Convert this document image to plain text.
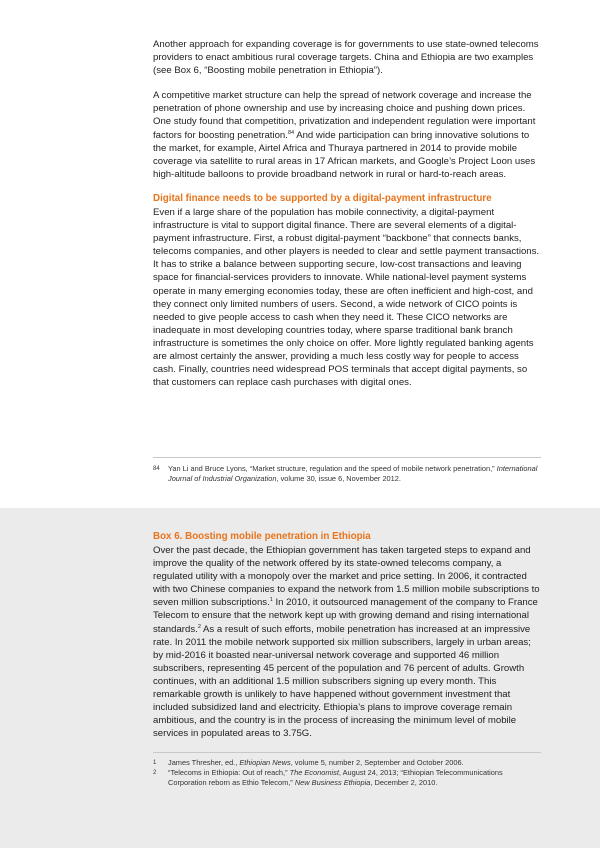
Another approach for expanding coverage is for governments to use state-owned telecoms providers to enact ambitious rural coverage targets. China and Ethiopia are two examples (see Box 6, “Boosting mobile penetration in Ethiopia”).

A competitive market structure can help the spread of network coverage and increase the penetration of phone ownership and use by increasing choice and pushing down prices. One study found that competition, privatization and independent regulation were important factors for boosting penetration.$^{84}$ And wide participation can bring innovative solutions to the market, for example, Airtel Africa and Thuraya partnered in 2014 to provide mobile coverage via satellite to rural areas in 17 African markets, and Google’s Project Loon uses high-altitude balloons to provide broadband network in rural or hard-to-reach areas.

Digital finance needs to be supported by a digital-payment infrastructure

Even if a large share of the population has mobile connectivity, a digital-payment infrastructure is vital to support digital finance. There are several elements of a digital-payment infrastructure. First, a robust digital-payment “backbone” that connects banks, telecoms companies, and other players is needed to clear and settle payment transactions. It has to strike a balance between supporting secure, low-cost transactions and leaving space for financial-services providers to innovate. While national-level payment systems operate in many emerging economies today, these are often inefficient and high-cost, and they connect only limited numbers of users. Second, a wide network of CICO points is needed to give people access to cash when they need it. These CICO networks are inadequate in most developing countries today, where sparse traditional bank branch infrastructure is sometimes the only choice on offer. More lightly regulated banking agents are almost certainly the answer, providing a much less costly way for people to access cash. Finally, countries need widespread POS terminals that accept digital payments, so that customers can replace cash purchases with digital ones.

84	Yan Li and Bruce Lyons, “Market structure, regulation and the speed of mobile network penetration,” International Journal of Industrial Organization, volume 30, issue 6, November 2012.

Box 6. Boosting mobile penetration in Ethiopia

Over the past decade, the Ethiopian government has taken targeted steps to expand and improve the quality of the network offered by its state-owned telecoms company, a regulated utility with a monopoly over the market and price setting. In 2006, it contracted with two Chinese companies to expand the network from 1.5 million mobile subscriptions to seven million subscriptions.$^1$ In 2010, it outsourced management of the company to France Telecom to ensure that the network kept up with growing demand and rising international standards.$^2$ As a result of such efforts, mobile penetration has increased at an impressive rate. In 2011 the mobile network supported six million subscribers, largely in urban areas; by mid-2016 it boasted near-universal network coverage and supported 46 million subscribers, representing 45 percent of the population and 76 percent of adults. Growth continues, with an additional 1.5 million subscribers signing up every month. This remarkable growth is unlikely to have happened without government investment that included subsidized land and electricity. Ethiopia’s plans to improve coverage remain ambitious, and the country is in the process of increasing the minimum level of mobile services in populated areas to 3.75G.

1	James Thresher, ed., Ethiopian News, volume 5, number 2, September and October 2006.

2	“Telecoms in Ethiopia: Out of reach,” The Economist, August 24, 2013; “Ethiopian Telecommunications Corporation reborn as Ethio Telecom,” New Business Ethiopia, December 2, 2010.
